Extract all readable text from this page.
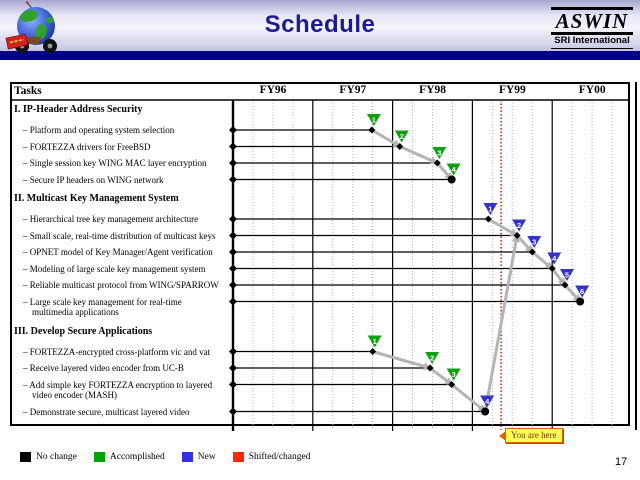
Schedule	ASWIN
SRI International
Tasks	FY96	FY97	FY98	FY99	FY00
I. IP-Header Address Security
– Platform and operating system selection
– FORTEZZA drivers for FreeBSD
– Single session key WING MAC layer encryption
– Secure IP headers on WING network
II. Multicast Key Management System
– Hierarchical tree key management architecture
– Small scale, real-time distribution of multicast keys
– OPNET model of Key Manager/Agent verification
– Modeling of large scale key management system
– Reliable multicast protocol from WING/SPARROW
– Large scale key management for real-time multimedia applications
III. Develop Secure Applications
– FORTEZZA-encrypted cross-platform vic and vat
– Receive layered video encoder from UC-B
– Add simple key FORTEZZA encryption to layered video encoder (MASH)
– Demonstrate secure, multicast layered video
1
2
3
4
1
2
3
4
5
6
1
2
3
4
You are here
No change	Accomplished	New	Shifted/changed	17
